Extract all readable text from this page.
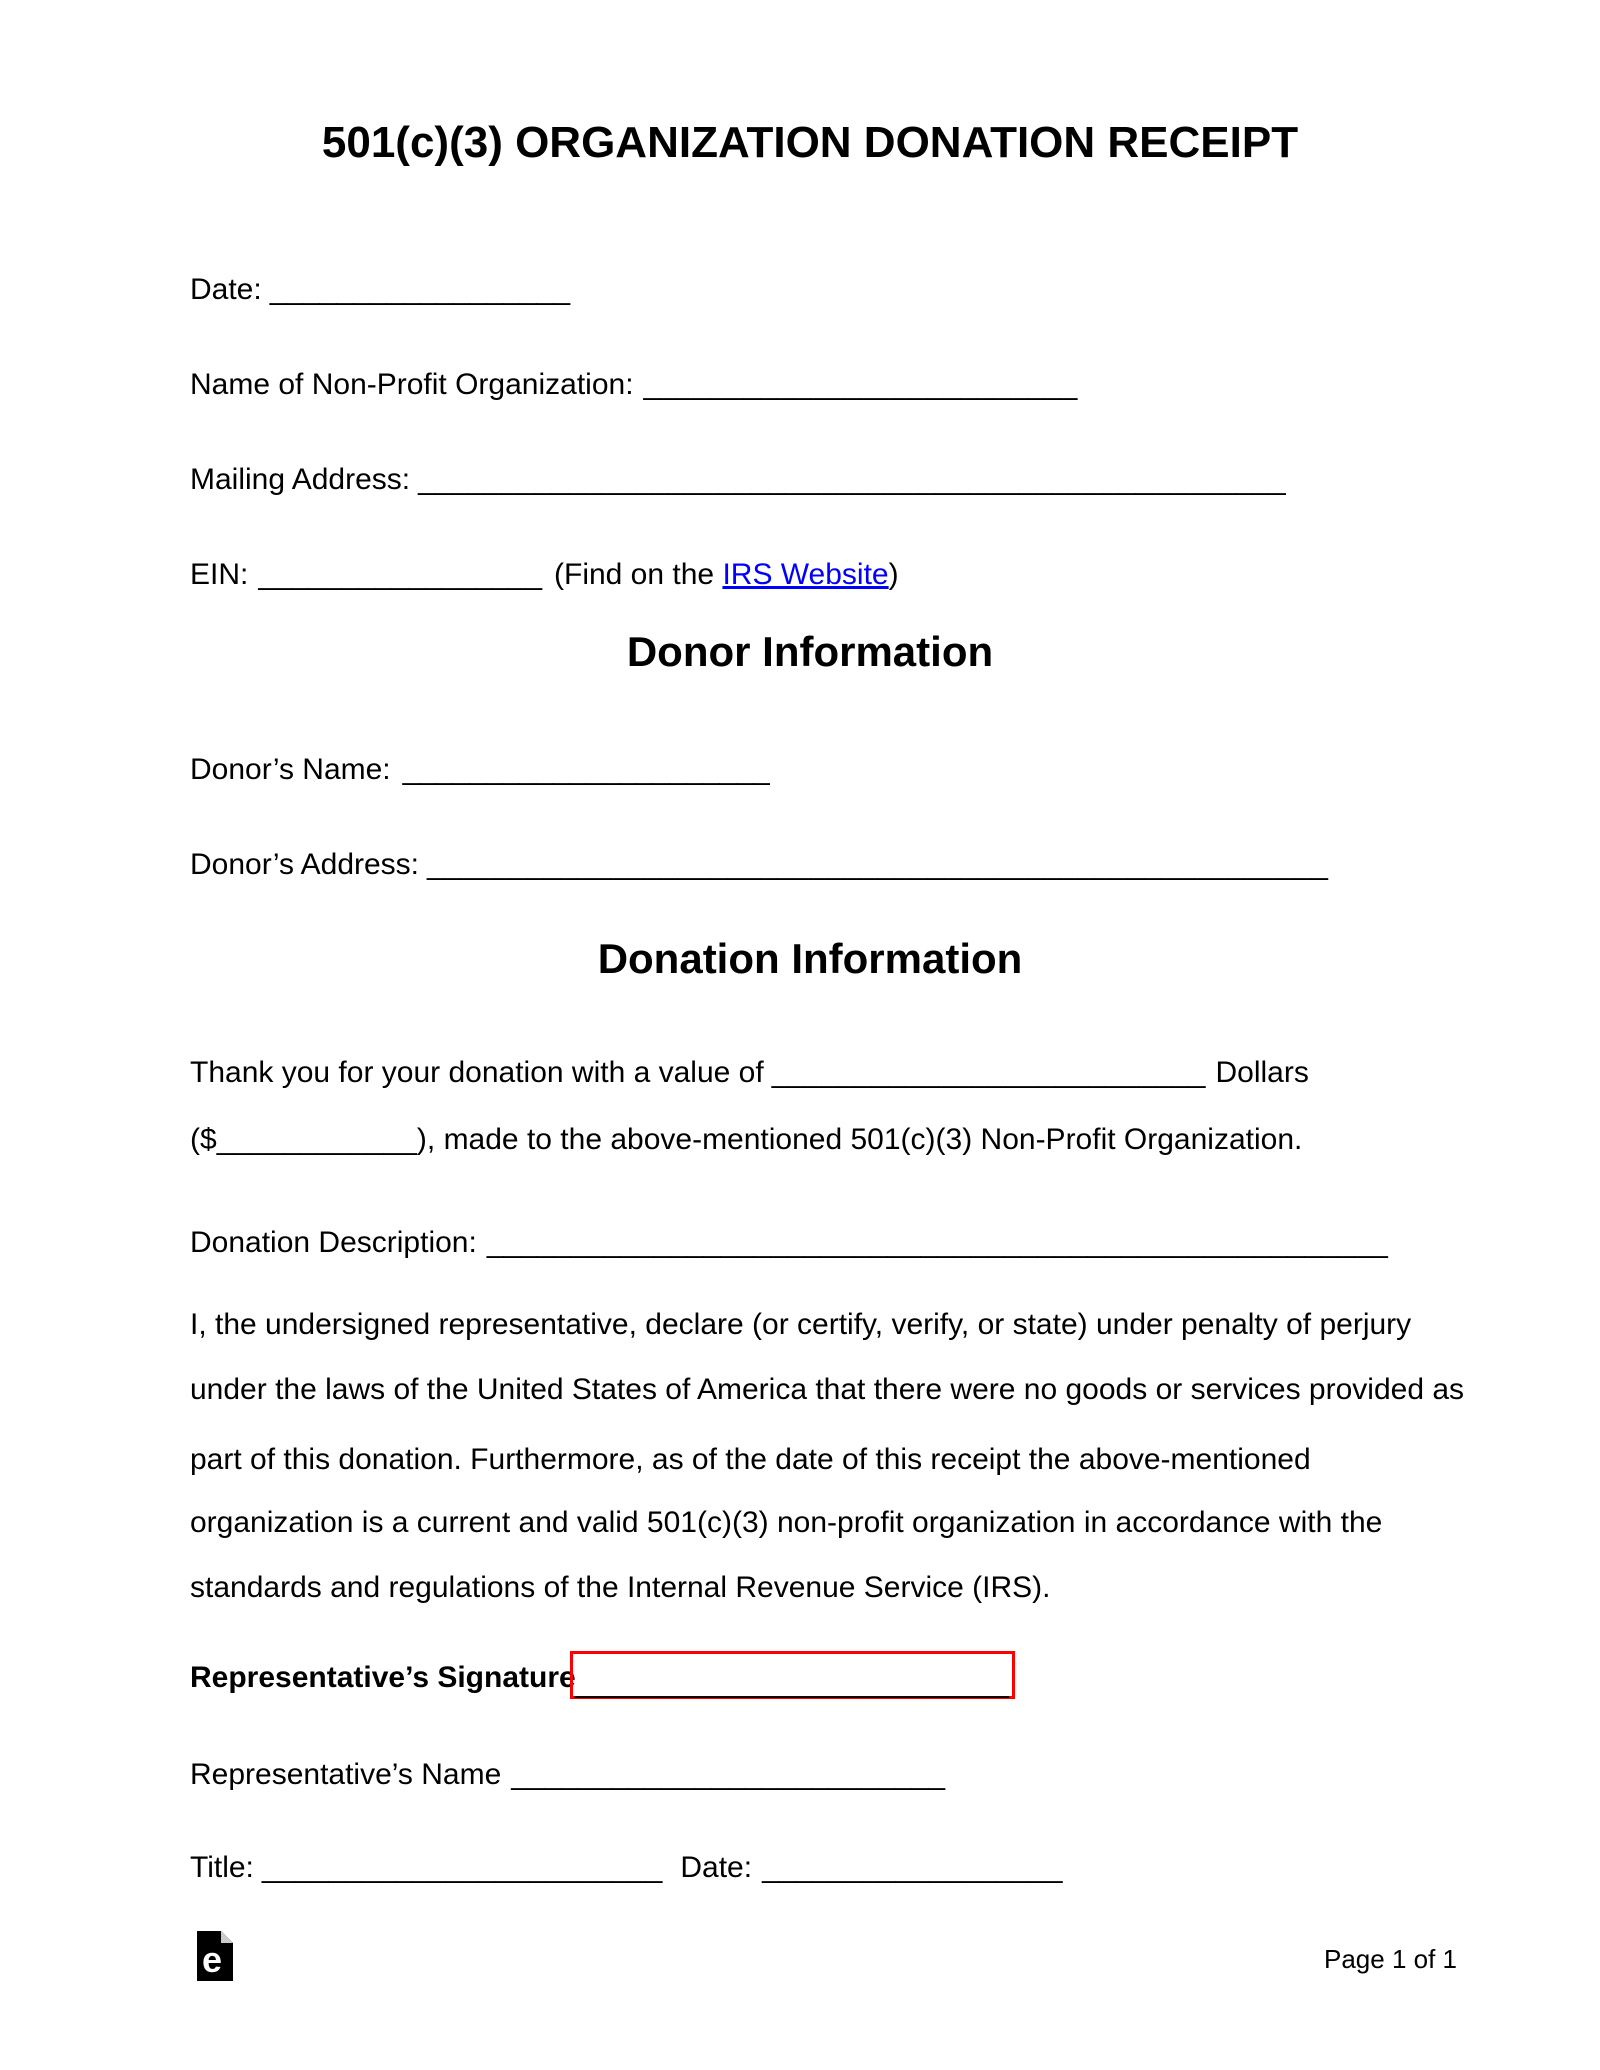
501(c)(3) ORGANIZATION DONATION RECEIPT
Date: __________________
Name of Non-Profit Organization: __________________________
Mailing Address: ____________________________________________________
EIN: _________________ (Find on the IRS Website)
Donor Information
Donor’s Name: ______________________
Donor’s Address: ______________________________________________________
Donation Information
Thank you for your donation with a value of __________________________ Dollars
($____________), made to the above-mentioned 501(c)(3) Non-Profit Organization.
Donation Description: ______________________________________________________
I, the undersigned representative, declare (or certify, verify, or state) under penalty of perjury
under the laws of the United States of America that there were no goods or services provided as
part of this donation. Furthermore, as of the date of this receipt the above-mentioned
organization is a current and valid 501(c)(3) non-profit organization in accordance with the
standards and regulations of the Internal Revenue Service (IRS).
Representative’s Signature __________________________
Representative’s Name __________________________
Title: ________________________ Date: __________________
e	Page 1 of 1
